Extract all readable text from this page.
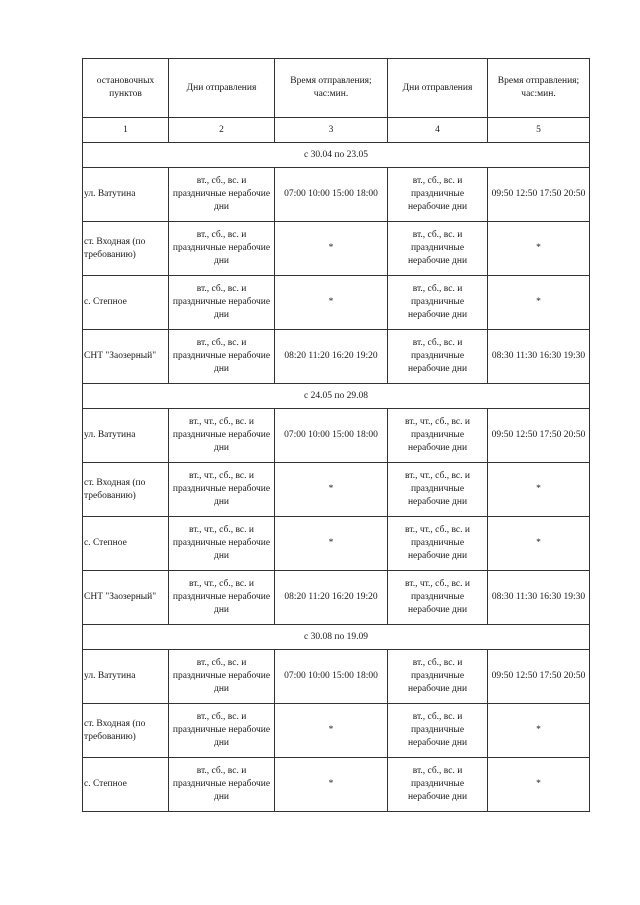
остановочных пунктов	Дни отправления	Время отправления; час:мин.	Дни отправления	Время отправления; час:мин.
1	2	3	4	5
с 30.04 по 23.05				
ул. Ватутина	вт., сб., вс. и праздничные нерабочие дни	07:00 10:00 15:00 18:00	вт., сб., вс. и праздничные нерабочие дни	09:50 12:50 17:50 20:50
ст. Входная (по требованию)	вт., сб., вс. и праздничные нерабочие дни	*	вт., сб., вс. и праздничные нерабочие дни	*
с. Степное	вт., сб., вс. и праздничные нерабочие дни	*	вт., сб., вс. и праздничные нерабочие дни	*
СНТ "Заозерный"	вт., сб., вс. и праздничные нерабочие дни	08:20 11:20 16:20 19:20	вт., сб., вс. и праздничные нерабочие дни	08:30 11:30 16:30 19:30
с 24.05 по 29.08				
ул. Ватутина	вт., чт., сб., вс. и праздничные нерабочие дни	07:00 10:00 15:00 18:00	вт., чт., сб., вс. и праздничные нерабочие дни	09:50 12:50 17:50 20:50
ст. Входная (по требованию)	вт., чт., сб., вс. и праздничные нерабочие дни	*	вт., чт., сб., вс. и праздничные нерабочие дни	*
с. Степное	вт., чт., сб., вс. и праздничные нерабочие дни	*	вт., чт., сб., вс. и праздничные нерабочие дни	*
СНТ "Заозерный"	вт., чт., сб., вс. и праздничные нерабочие дни	08:20 11:20 16:20 19:20	вт., чт., сб., вс. и праздничные нерабочие дни	08:30 11:30 16:30 19:30
с 30.08 по 19.09				
ул. Ватутина	вт., сб., вс. и праздничные нерабочие дни	07:00 10:00 15:00 18:00	вт., сб., вс. и праздничные нерабочие дни	09:50 12:50 17:50 20:50
ст. Входная (по требованию)	вт., сб., вс. и праздничные нерабочие дни	*	вт., сб., вс. и праздничные нерабочие дни	*
с. Степное	вт., сб., вс. и праздничные нерабочие дни	*	вт., сб., вс. и праздничные нерабочие дни	*
